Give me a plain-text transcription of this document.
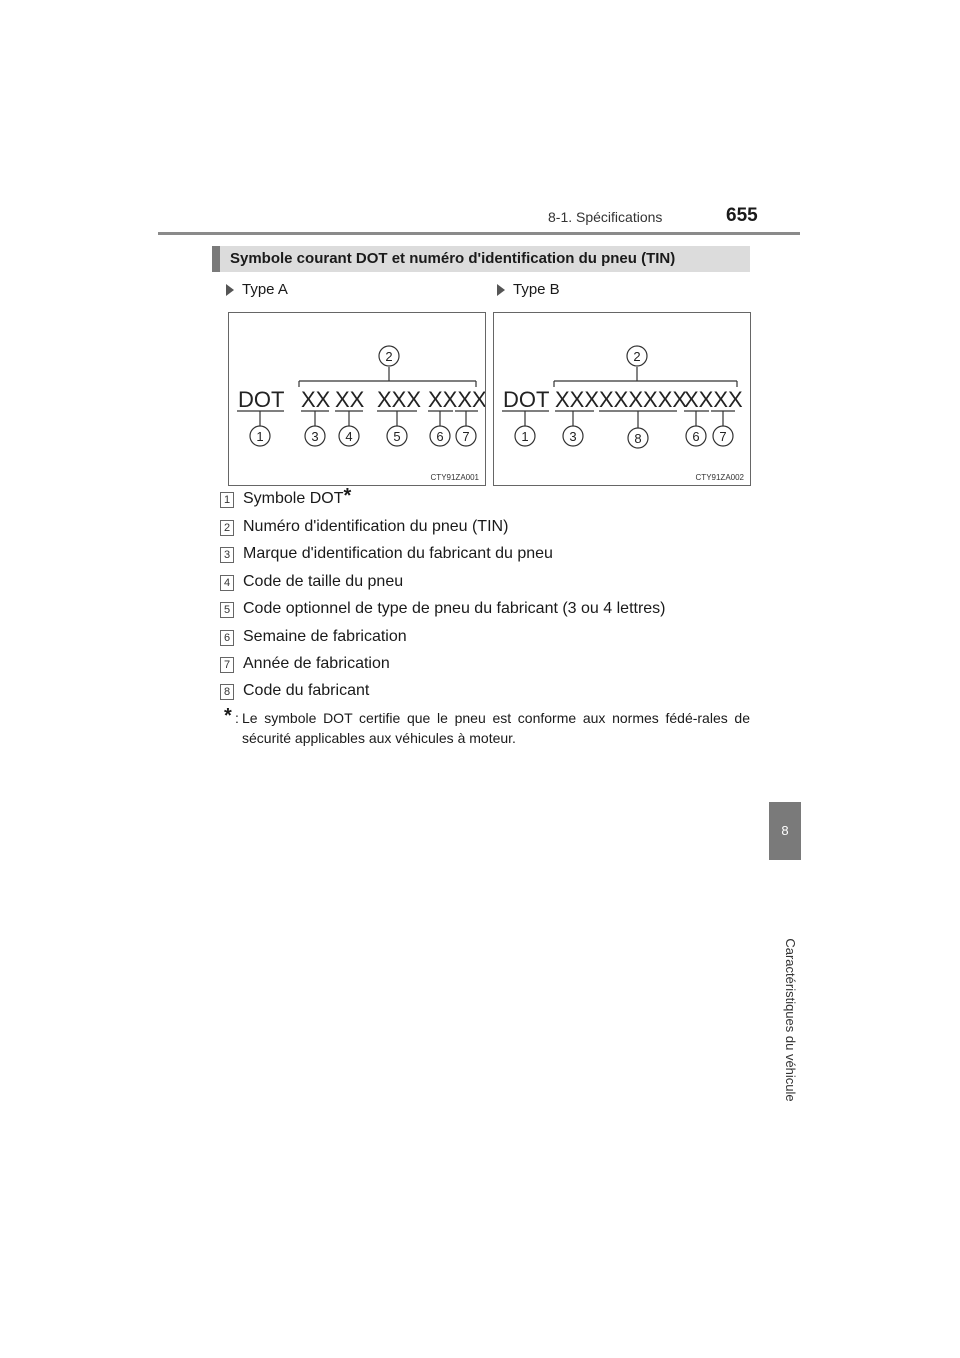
8-1. Spécifications	655
8
Caractéristiques du véhicule
Symbole courant DOT et numéro d'identification du pneu (TIN)
Type A	Type B
2
DOT XX XX XXX XXXX
1	3 4	5	6 7
CTY91ZA001
2
DOT XXX XXXXXX
XXXX
1	3	8	6 7
CTY91ZA002
1 Symbole DOT*
2 Numéro d'identification du pneu (TIN)
3 Marque d'identification du fabricant du pneu
4 Code de taille du pneu
5 Code optionnel de type de pneu du fabricant (3 ou 4 lettres)
6 Semaine de fabrication
7 Année de fabrication
8 Code du fabricant
* : Le symbole DOT certifie que le pneu est conforme aux normes fédé-rales de sécurité applicables aux véhicules à moteur.
